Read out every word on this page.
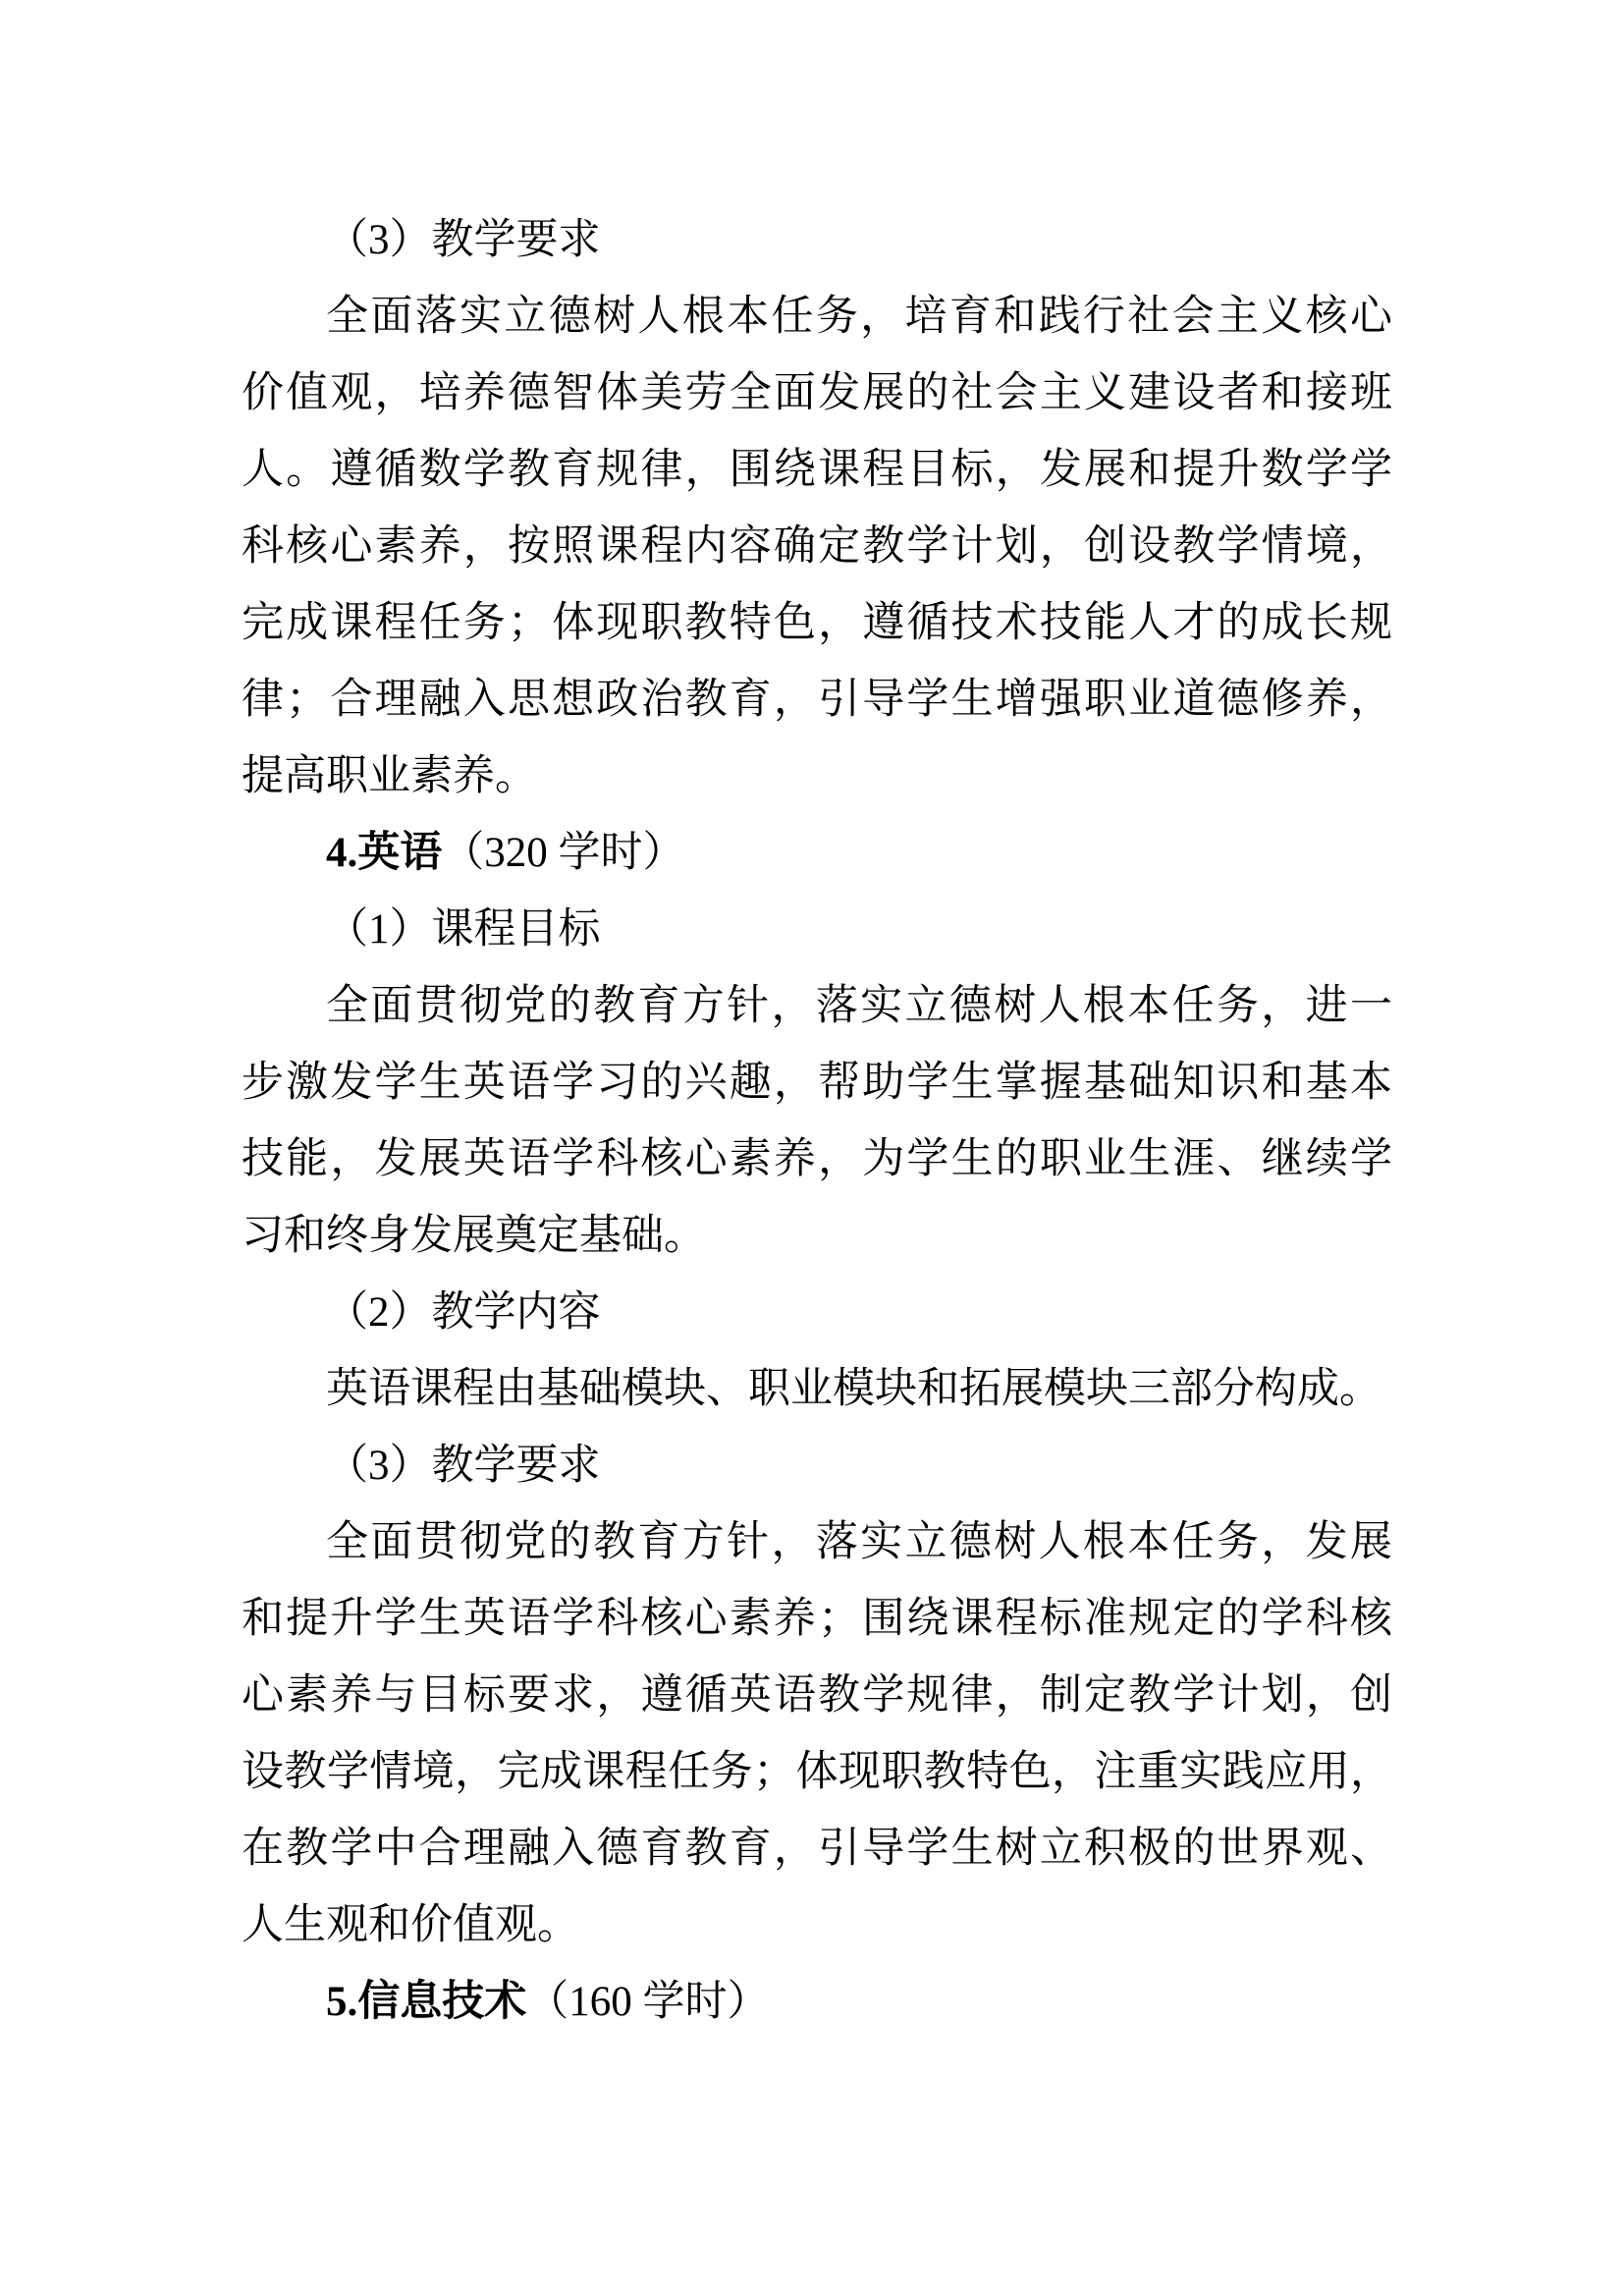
（3）教学要求
全面落实立德树人根本任务，培育和践行社会主义核心
价值观，培养德智体美劳全面发展的社会主义建设者和接班
人。遵循数学教育规律，围绕课程目标，发展和提升数学学
科核心素养，按照课程内容确定教学计划，创设教学情境，
完成课程任务；体现职教特色，遵循技术技能人才的成长规
律；合理融入思想政治教育，引导学生增强职业道德修养，
提高职业素养。
4.英语（320 学时）
（1）课程目标
全面贯彻党的教育方针，落实立德树人根本任务，进一
步激发学生英语学习的兴趣，帮助学生掌握基础知识和基本
技能，发展英语学科核心素养，为学生的职业生涯、继续学
习和终身发展奠定基础。
（2）教学内容
英语课程由基础模块、职业模块和拓展模块三部分构成。
（3）教学要求
全面贯彻党的教育方针，落实立德树人根本任务，发展
和提升学生英语学科核心素养；围绕课程标准规定的学科核
心素养与目标要求，遵循英语教学规律，制定教学计划，创
设教学情境，完成课程任务；体现职教特色，注重实践应用，
在教学中合理融入德育教育，引导学生树立积极的世界观、
人生观和价值观。
5.信息技术（160 学时）
